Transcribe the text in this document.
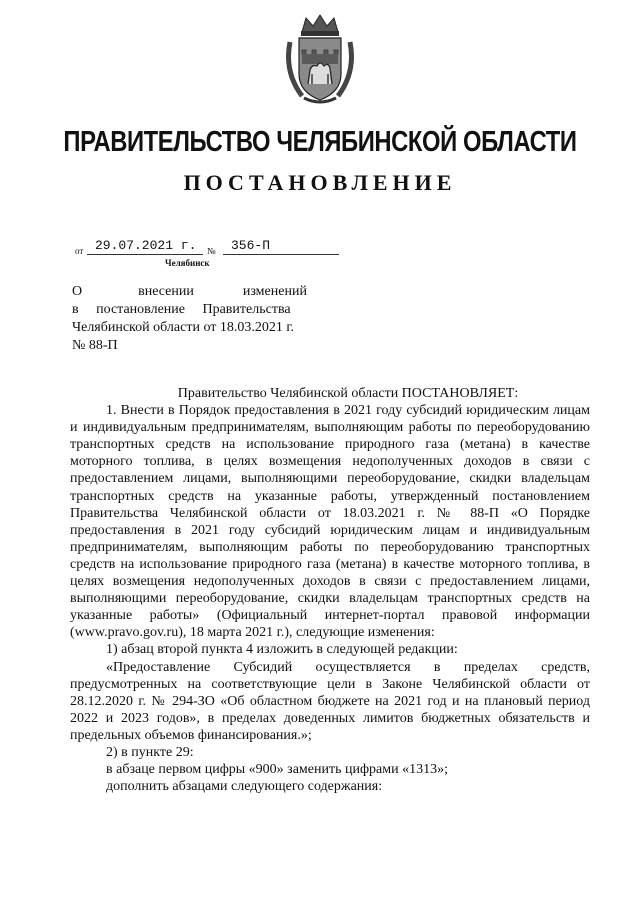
ПРАВИТЕЛЬСТВО ЧЕЛЯБИНСКОЙ ОБЛАСТИ
ПОСТАНОВЛЕНИЕ
от 29.07.2021 г. № 356-П
Челябинск
О                внесении              изменений
в     постановление     Правительства
Челябинской области от 18.03.2021 г.
№ 88-П
Правительство Челябинской области ПОСТАНОВЛЯЕТ:
1. Внести в Порядок предоставления в 2021 году субсидий юридическим лицам и индивидуальным предпринимателям, выполняющим работы по переоборудованию транспортных средств на использование природного газа (метана) в качестве моторного топлива, в целях возмещения недополученных доходов в связи с предоставлением лицами, выполняющими переоборудование, скидки владельцам транспортных средств на указанные работы, утвержденный постановлением Правительства Челябинской области от 18.03.2021 г. № 88-П «О Порядке предоставления в 2021 году субсидий юридическим лицам и индивидуальным предпринимателям, выполняющим работы по переоборудованию транспортных средств на использование природного газа (метана) в качестве моторного топлива, в целях возмещения недополученных доходов в связи с предоставлением лицами, выполняющими переоборудование, скидки владельцам транспортных средств на указанные работы» (Официальный интернет-портал правовой информации (www.pravo.gov.ru), 18 марта 2021 г.), следующие изменения:
1) абзац второй пункта 4 изложить в следующей редакции:
«Предоставление Субсидий осуществляется в пределах средств, предусмотренных на соответствующие цели в Законе Челябинской области от 28.12.2020 г. № 294-ЗО «Об областном бюджете на 2021 год и на плановый период 2022 и 2023 годов», в пределах доведенных лимитов бюджетных обязательств и предельных объемов финансирования.»;
2) в пункте 29:
в абзаце первом цифры «900» заменить цифрами «1313»;
дополнить абзацами следующего содержания:
